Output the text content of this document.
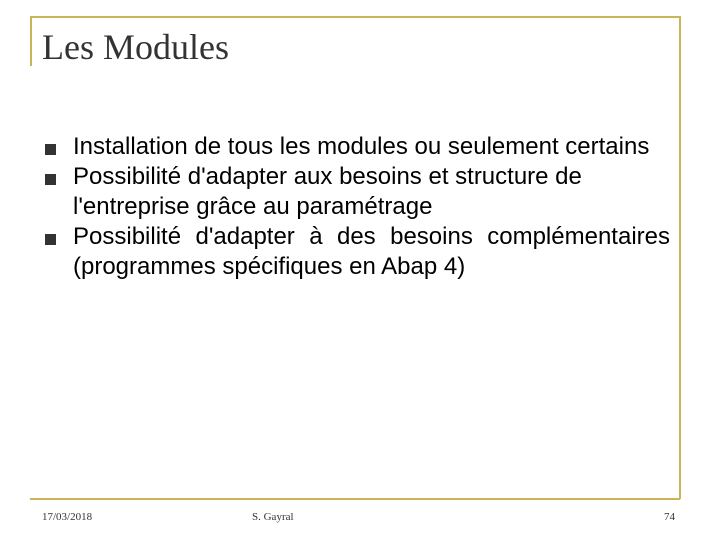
Les Modules
Installation de tous les modules ou seulement certains
Possibilité d'adapter aux besoins et structure de l'entreprise grâce au paramétrage
Possibilité d'adapter à des besoins complémentaires (programmes spécifiques en Abap 4)
17/03/2018	S. Gayral	74
